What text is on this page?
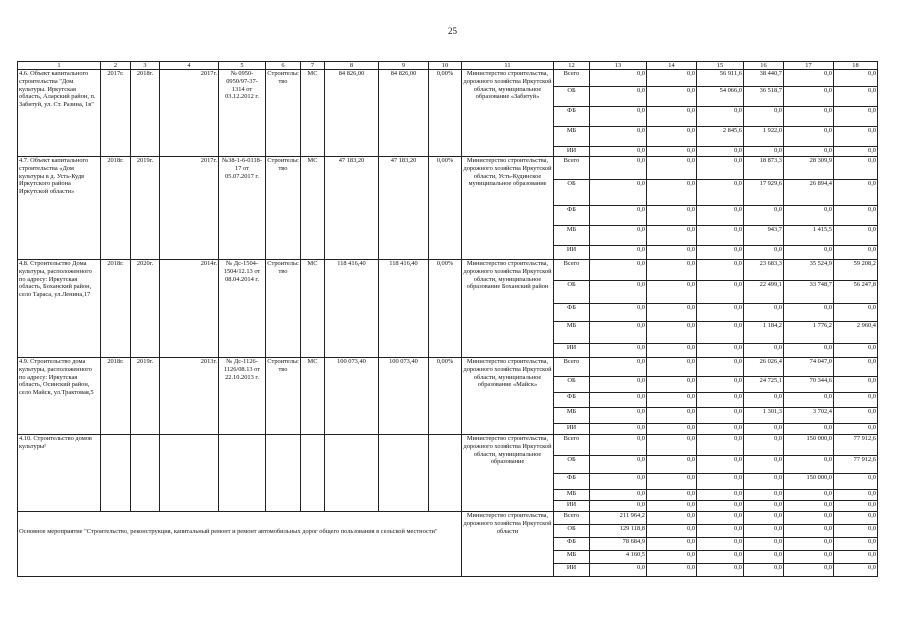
25
1	2	3	4	5	6	7	8	9	10	11	12	13	14	15	16	17	18
4.6. Объект капитального строительства "Дом культуры. Иркутская область, Аларский район, п. Забитуй, ул. Ст. Разина, 1в"	2017г.	2018г.	2017г.	№ 0950-0950/97-37-1314 от 03.12.2012 г.	Строительство	МС	84 826,00	84 826,00	0,00%	Министерство строительства, дорожного хозяйства Иркутской области, муниципальное образование «Забитуй»	Всего	0,0	0,0	56 911,6	38 440,7	0,0	0,0
											ОБ	0,0	0,0	54 066,0	36 518,7	0,0	0,0
											ФБ	0,0	0,0	0,0	0,0	0,0	0,0
											МБ	0,0	0,0	2 845,6	1 922,0	0,0	0,0
											ИИ	0,0	0,0	0,0	0,0	0,0	0,0
4.7. Объект капитального строительства «Дом культуры в д. Усть-Кудв Иркутского района Иркутской области»	2018г.	2019г.	2017г.	№38-1-6-0118-17 от 05.07.2017 г.	Строительство	МС	47 183,20	47 183,20	0,00%	Министерство строительства, дорожного хозяйства Иркутской области, Усть-Кудинское муниципальное образование	Всего	0,0	0,0	0,0	18 873,3	28 309,9	0,0
											ОБ	0,0	0,0	0,0	17 929,6	26 894,4	0,0
											ФБ	0,0	0,0	0,0	0,0	0,0	0,0
											МБ	0,0	0,0	0,0	943,7	1 415,5	0,0
											ИИ	0,0	0,0	0,0	0,0	0,0	0,0
4.8. Строительство Дома культуры, расположенного по адресу: Иркутская область, Боханский район, село Тараса, ул.Ленина,17	2018г.	2020г.	2014г.	№ Дс-1504-1504/12.13 от 08.04.2014 г.	Строительство	МС	118 416,40	118 416,40	0,00%	Министерство строительства, дорожного хозяйства Иркутской области, муниципальное образование Боханский район	Всего	0,0	0,0	0,0	23 683,3	35 524,9	59 208,2
											ОБ	0,0	0,0	0,0	22 499,1	33 748,7	56 247,8
											ФБ	0,0	0,0	0,0	0,0	0,0	0,0
											МБ	0,0	0,0	0,0	1 184,2	1 776,2	2 960,4
											ИИ	0,0	0,0	0,0	0,0	0,0	0,0
4.9. Строительство дома культуры, расположенного по адресу: Иркутская область, Осинский район, село Майск, ул.Трактовая,5	2018г.	2019г.	2013г.	№ Дс-1126-1126/08.13 от 22.10.2013 г.	Строительство	МС	100 073,40	100 073,40	0,00%	Министерство строительства, дорожного хозяйства Иркутской области, муниципальное образование «Майск»	Всего	0,0	0,0	0,0	26 026,4	74 047,0	0,0
											ОБ	0,0	0,0	0,0	24 725,1	70 344,6	0,0
											ФБ	0,0	0,0	0,0	0,0	0,0	0,0
											МБ	0,0	0,0	0,0	1 301,3	3 702,4	0,0
											ИИ	0,0	0,0	0,0	0,0	0,0	0,0
4.10. Строительство домов культуры¹										Министерство строительства, дорожного хозяйства Иркутской области, муниципальное образование	Всего	0,0	0,0	0,0	0,0	150 000,0	77 912,6
											ОБ	0,0	0,0	0,0	0,0	0,0	77 912,6
											ФБ	0,0	0,0	0,0	0,0	150 000,0	0,0
											МБ	0,0	0,0	0,0	0,0	0,0	0,0
											ИИ	0,0	0,0	0,0	0,0	0,0	0,0
Основное мероприятие "Строительство, реконструкция, капитальный ремонт и ремонт автомобильных дорог общего пользования в сельской местности"										Министерство строительства, дорожного хозяйства Иркутской области	Всего	211 964,2	0,0	0,0	0,0	0,0	0,0
											ОБ	129 118,8	0,0	0,0	0,0	0,0	0,0
											ФБ	78 684,9	0,0	0,0	0,0	0,0	0,0
											МБ	4 160,5	0,0	0,0	0,0	0,0	0,0
											ИИ	0,0	0,0	0,0	0,0	0,0	0,0
